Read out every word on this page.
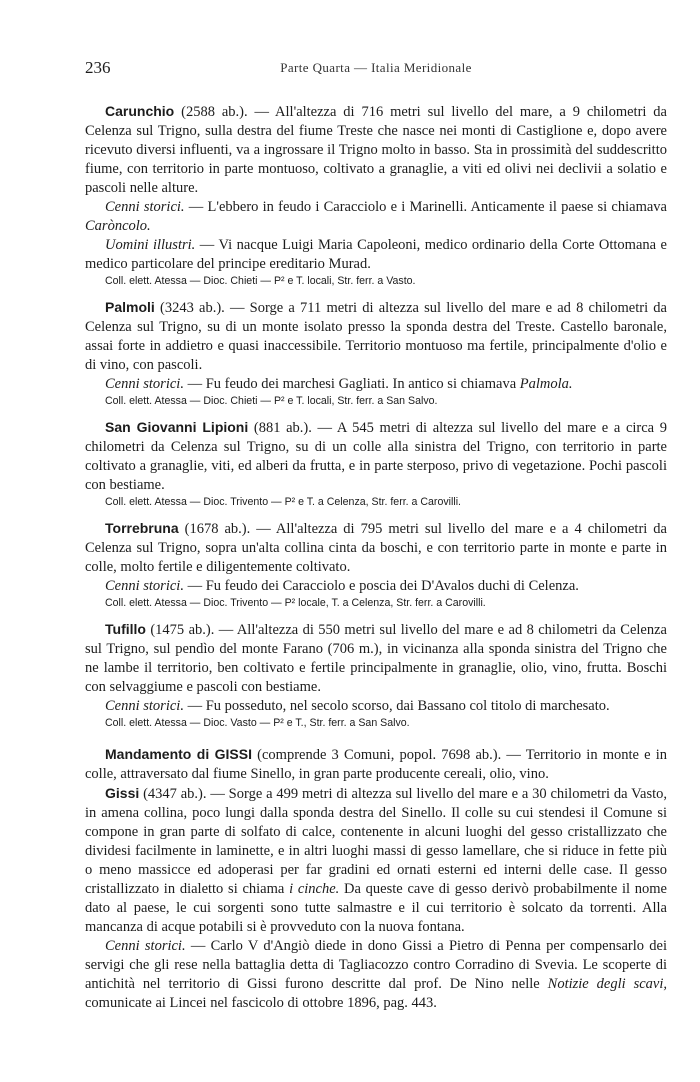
236	Parte Quarta — Italia Meridionale

Carunchio (2588 ab.). — All'altezza di 716 metri sul livello del mare, a 9 chilometri da Celenza sul Trigno, sulla destra del fiume Treste che nasce nei monti di Castiglione e, dopo avere ricevuto diversi influenti, va a ingrossare il Trigno molto in basso. Sta in prossimità del suddescritto fiume, con territorio in parte montuoso, coltivato a granaglie, a viti ed olivi nei declivii a solatio e pascoli nelle alture.

Cenni storici. — L'ebbero in feudo i Caracciolo e i Marinelli. Anticamente il paese si chiamava Caròncolo.

Uomini illustri. — Vi nacque Luigi Maria Capoleoni, medico ordinario della Corte Ottomana e medico particolare del principe ereditario Murad.

Coll. elett. Atessa — Dioc. Chieti — P² e T. locali, Str. ferr. a Vasto.

Palmoli (3243 ab.). — Sorge a 711 metri di altezza sul livello del mare e ad 8 chilometri da Celenza sul Trigno, su di un monte isolato presso la sponda destra del Treste. Castello baronale, assai forte in addietro e quasi inaccessibile. Territorio montuoso ma fertile, principalmente d'olio e di vino, con pascoli.

Cenni storici. — Fu feudo dei marchesi Gagliati. In antico si chiamava Palmola.

Coll. elett. Atessa — Dioc. Chieti — P² e T. locali, Str. ferr. a San Salvo.

San Giovanni Lipioni (881 ab.). — A 545 metri di altezza sul livello del mare e a circa 9 chilometri da Celenza sul Trigno, su di un colle alla sinistra del Trigno, con territorio in parte coltivato a granaglie, viti, ed alberi da frutta, e in parte sterposo, privo di vegetazione. Pochi pascoli con bestiame.

Coll. elett. Atessa — Dioc. Trivento — P² e T. a Celenza, Str. ferr. a Carovilli.

Torrebruna (1678 ab.). — All'altezza di 795 metri sul livello del mare e a 4 chilometri da Celenza sul Trigno, sopra un'alta collina cinta da boschi, e con territorio parte in monte e parte in colle, molto fertile e diligentemente coltivato.

Cenni storici. — Fu feudo dei Caracciolo e poscia dei D'Avalos duchi di Celenza.

Coll. elett. Atessa — Dioc. Trivento — P² locale, T. a Celenza, Str. ferr. a Carovilli.

Tufillo (1475 ab.). — All'altezza di 550 metri sul livello del mare e ad 8 chilometri da Celenza sul Trigno, sul pendìo del monte Farano (706 m.), in vicinanza alla sponda sinistra del Trigno che ne lambe il territorio, ben coltivato e fertile principalmente in granaglie, olio, vino, frutta. Boschi con selvaggiume e pascoli con bestiame.

Cenni storici. — Fu posseduto, nel secolo scorso, dai Bassano col titolo di marchesato.

Coll. elett. Atessa — Dioc. Vasto — P² e T., Str. ferr. a San Salvo.

Mandamento di GISSI (comprende 3 Comuni, popol. 7698 ab.). — Territorio in monte e in colle, attraversato dal fiume Sinello, in gran parte producente cereali, olio, vino.

Gissi (4347 ab.). — Sorge a 499 metri di altezza sul livello del mare e a 30 chilometri da Vasto, in amena collina, poco lungi dalla sponda destra del Sinello. Il colle su cui stendesi il Comune si compone in gran parte di solfato di calce, contenente in alcuni luoghi del gesso cristallizzato che dividesi facilmente in laminette, e in altri luoghi massi di gesso lamellare, che si riduce in fette più o meno massicce ed adoperasi per far gradini ed ornati esterni ed interni delle case. Il gesso cristallizzato in dialetto si chiama i cinche. Da queste cave di gesso derivò probabilmente il nome dato al paese, le cui sorgenti sono tutte salmastre e il cui territorio è solcato da torrenti. Alla mancanza di acque potabili si è provveduto con la nuova fontana.

Cenni storici. — Carlo V d'Angiò diede in dono Gissi a Pietro di Penna per compensarlo dei servigi che gli rese nella battaglia detta di Tagliacozzo contro Corradino di Svevia. Le scoperte di antichità nel territorio di Gissi furono descritte dal prof. De Nino nelle Notizie degli scavi, comunicate ai Lincei nel fascicolo di ottobre 1896, pag. 443.
